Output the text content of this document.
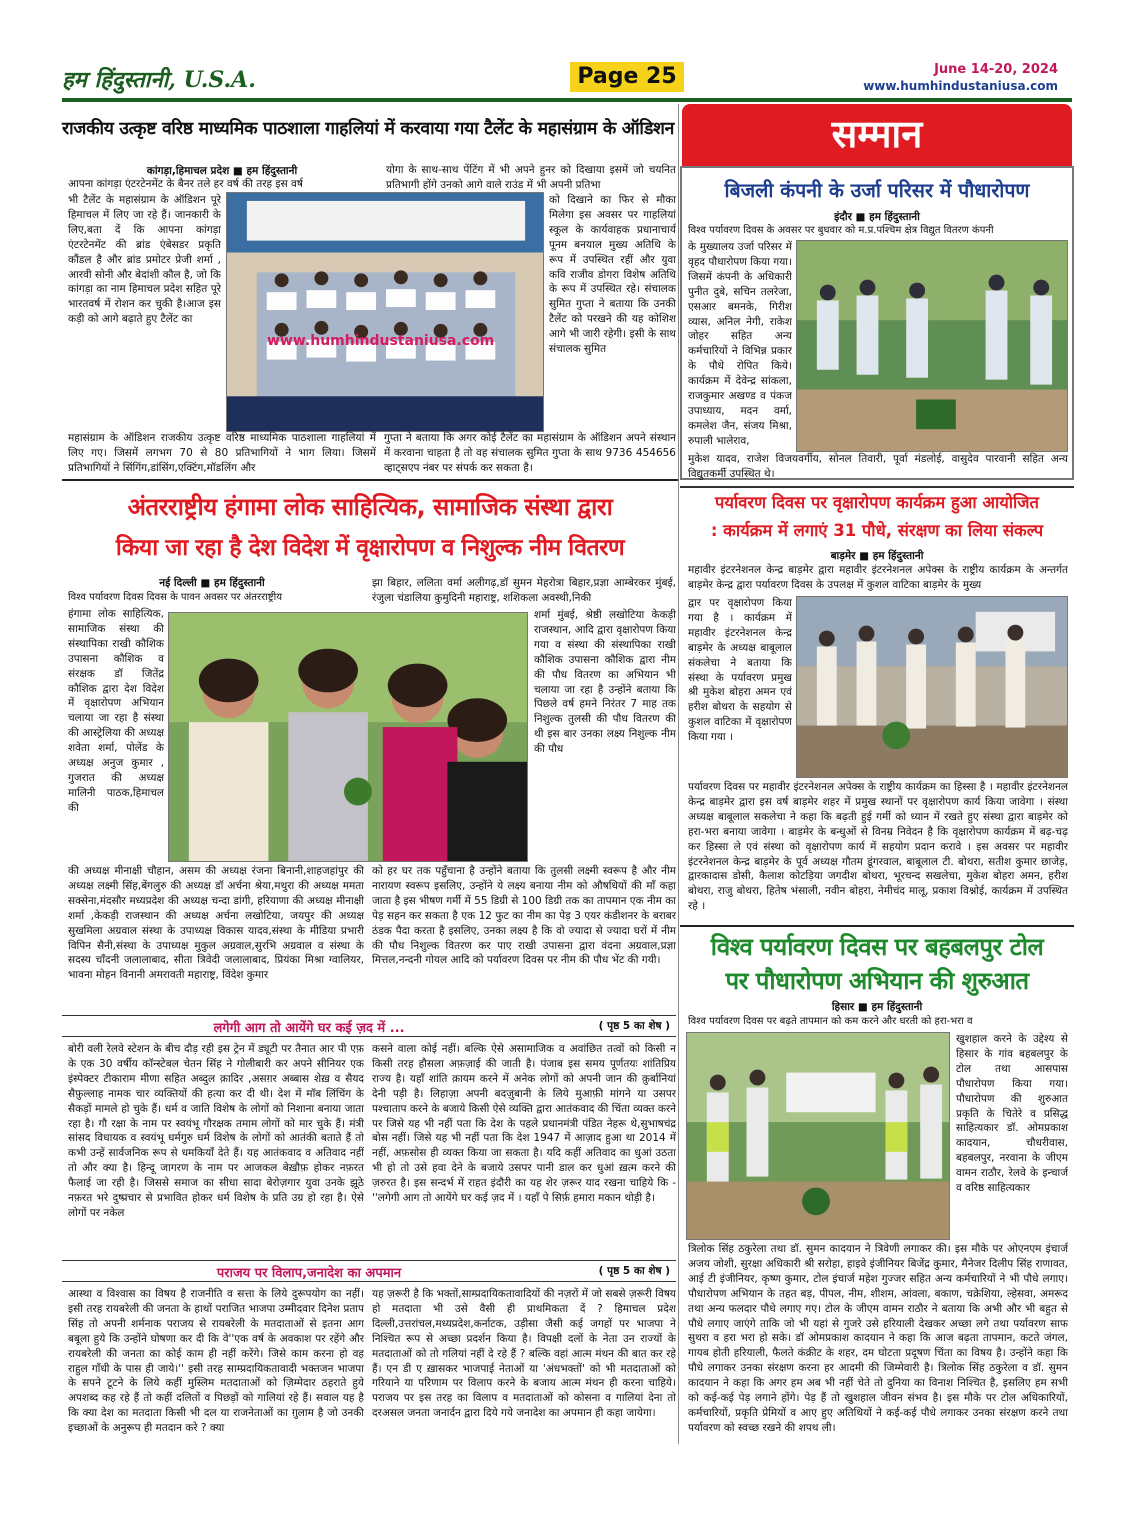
हम हिंदुस्तानी, U.S.A.	Page 25	June 14-20, 2024
www.humhindustaniusa.com
राजकीय उत्कृष्ट वरिष्ठ माध्यमिक पाठशाला गाहलियां में करवाया गया टैलेंट के महासंग्राम के ऑडिशन
कांगड़ा,हिमाचल प्रदेश ■ हम हिंदुस्तानी
आपना कांगड़ा एंटरटेनमेंट के बैनर तले हर वर्ष की तरह इस वर्ष
भी टैलेंट के महासंग्राम के ऑडिशन पूरे हिमाचल में लिए जा रहे हैं। जानकारी के लिए,बता दें कि आपना कांगड़ा एंटरटेनमेंट की ब्रांड एंबेसडर प्रकृति कौंडल है और ब्रांड प्रमोटर प्रेजी शर्मा , आरवी सोनी और बेदांशी कौल है, जो कि कांगड़ा का नाम हिमाचल प्रदेश सहित पूरे भारतवर्ष में रोशन कर चुकी है।आज इस कड़ी को आगे बढ़ाते हुए टैलेंट का
www.humhindustaniusa.com
योगा के साथ-साथ पेंटिंग में भी अपने हुनर को दिखाया इसमें जो चयनित प्रतिभागी होंगे उनको आगे वाले राउंड में भी अपनी प्रतिभा
को दिखाने का फिर से मौका मिलेगा इस अवसर पर गाहलियां स्कूल के कार्यवाहक प्रधानाचार्य पूनम बनयाल मुख्य अतिथि के रूप में उपस्थित रहीं और युवा कवि राजीव डोगरा विशेष अतिथि के रूप में उपस्थित रहे। संचालक सुमित गुप्ता ने बताया कि उनकी टैलेंट को परखने की यह कोशिश आगे भी जारी रहेगी। इसी के साथ संचालक सुमित
महासंग्राम के ऑडिशन राजकीय उत्कृष्ट वरिष्ठ माध्यमिक पाठशाला गाहलियां में लिए गए। जिसमें लगभग 70 से 80 प्रतिभागियों ने भाग लिया। जिसमें प्रतिभागियों ने सिंगिंग,डांसिंग,एक्टिंग,मॉडलिंग और
गुप्ता ने बताया कि अगर कोई टैलेंट का महासंग्राम के ऑडिशन अपने संस्थान में करवाना चाहता है तो वह संचालक सुमित गुप्ता के साथ 9736 454656 व्हाट्सएप नंबर पर संपर्क कर सकता है।
सम्मान
बिजली कंपनी के उर्जा परिसर में पौधारोपण
इंदौर ■ हम हिंदुस्तानी
विश्व पर्यावरण दिवस के अवसर पर बुधवार को म.प्र.पश्चिम क्षेत्र विद्युत वितरण कंपनी
के मुख्यालय उर्जा परिसर में वृहद पौधारोपण किया गया। जिसमें कंपनी के अधिकारी पुनीत दुबे, सचिन तलरेजा, एसआर बमनके, गिरीश व्यास, अनिल नेगी, राकेश जोहर सहित अन्य कर्मचारियों ने विभिन्न प्रकार के पौधे रोपित किये। कार्यक्रम में देवेन्द्र सांकला, राजकुमार अखण्ड व पंकज उपाध्याय, मदन वर्मा, कमलेश जैन, संजय मिश्रा, रुपाली भालेराव,
मुकेश यादव, राजेश विजयवर्गीय, सोनल तिवारी, पूर्वा मंडलोई, वासुदेव पारवानी सहित अन्य विद्युतकर्मी उपस्थित थे।
पर्यावरण दिवस पर वृक्षारोपण कार्यक्रम हुआ आयोजित
: कार्यक्रम में लगाएं 31 पौधे, संरक्षण का लिया संकल्प
बाड़मेर ■ हम हिंदुस्तानी
महावीर इंटरनेशनल केन्द्र बाड़मेर द्वारा महावीर इंटरनेशनल अपेक्स के राष्ट्रीय कार्यक्रम के अन्तर्गत बाड़मेर केन्द्र द्वारा पर्यावरण दिवस के उपलक्ष में कुशल वाटिका बाड़मेर के मुख्य
द्वार पर वृक्षारोपण किया गया है । कार्यक्रम में महावीर इंटरनेशनल केन्द्र बाड़मेर के अध्यक्ष बाबूलाल संकलेचा ने बताया कि संस्था के पर्यावरण प्रमुख श्री मुकेश बोहरा अमन एवं हरीश बोथरा के सहयोग से कुशल वाटिका में वृक्षारोपण किया गया ।
पर्यावरण दिवस पर महावीर इंटरनेशनल अपेक्स के राष्ट्रीय कार्यक्रम का हिस्सा है । महावीर इंटरनेशनल केन्द्र बाड़मेर द्वारा इस वर्ष बाड़मेर शहर में प्रमुख स्थानों पर वृक्षारोपण कार्य किया जावेगा । संस्था अध्यक्ष बाबूलाल सकलेचा ने कहा कि बढ़ती हुई गर्मी को ध्यान में रखते हुए संस्था द्वारा बाड़मेर को हरा-भरा बनाया जावेगा । बाड़मेर के बन्धुओं से विनम्र निवेदन है कि वृक्षारोपण कार्यक्रम में बढ़-चढ़ कर हिस्सा ले एवं संस्था को वृक्षारोपण कार्य में सहयोग प्रदान करावे । इस अवसर पर महावीर इंटरनेशनल केन्द्र बाड़मेर के पूर्व अध्यक्ष गौतम डूंगरवाल, बाबूलाल टी. बोथरा, सतीश कुमार छाजेड़, द्वारकादास डोसी, कैलाश कोटड़िया जगदीश बोथरा, भूरचन्द सखलेचा, मुकेश बोहरा अमन, हरीश बोथरा, राजु बोथरा, हितेष भंसाली, नवीन बोहरा, नेमीचंद मालू, प्रकाश विश्नोई, कार्यक्रम में उपस्थित रहे ।
अंतरराष्ट्रीय हंगामा लोक साहित्यिक, सामाजिक संस्था द्वारा
किया जा रहा है देश विदेश में वृक्षारोपण व निशुल्क नीम वितरण
नई दिल्ली ■ हम हिंदुस्तानी
विश्व पर्यावरण दिवस दिवस के पावन अवसर पर अंतरराष्ट्रीय
हंगामा लोक साहित्यिक, सामाजिक संस्था की संस्थापिका राखी कौशिक उपासना कौशिक व संरक्षक डॉ जितेंद्र कौशिक द्वारा देश विदेश में वृक्षारोपण अभियान चलाया जा रहा है संस्था की आस्ट्रेलिया की अध्यक्ष शवेता शर्मा, पोलेंड के अध्यक्ष अनुज कुमार , गुजरात की अध्यक्ष मालिनी पाठक,हिमाचल की
झा बिहार, ललिता वर्मा अलीगढ़,डॉ सुमन मेहरोत्रा बिहार,प्रज्ञा आम्बेरकर मुंबई, रंजुला चंडालिया कुमुदिनी महाराष्ट्र, शशिकला अवस्थी,निकी
शर्मा मुंबई, श्रेष्ठी लखोटिया केकड़ी राजस्थान, आदि द्वारा वृक्षारोपण किया गया व संस्था की संस्थापिका राखी कौशिक उपासना कौशिक द्वारा नीम की पौध वितरण का अभियान भी चलाया जा रहा है उन्होंने बताया कि पिछले वर्ष हमने निरंतर 7 माह तक निशुल्क तुलसी की पौध वितरण की थी इस बार उनका लक्ष्य निशुल्क नीम की पौध
की अध्यक्ष मीनाक्षी चौहान, असम की अध्यक्ष रंजना बिनानी,शाहजहांपुर की अध्यक्ष लक्ष्मी सिंह,बेंगलुरु की अध्यक्ष डॉ अर्चना श्रेया,मथुरा की अध्यक्ष ममता सक्सेना,मंदसौर मध्यप्रदेश की अध्यक्ष चन्दा डांगी, हरियाणा की अध्यक्ष मीनाक्षी शर्मा ,केकड़ी राजस्थान की अध्यक्ष अर्चना लखोटिया, जयपुर की अध्यक्ष सुखमिला अग्रवाल संस्था के उपाध्यक्ष विकास यादव,संस्था के मीडिया प्रभारी विपिन सैनी,संस्था के उपाध्यक्ष मुकुल अग्रवाल,सुरभि अग्रवाल व संस्था के सदस्य चाँदनी जलालाबाद, सीता त्रिवेदी जलालाबाद, प्रियंका मिश्रा ग्वालियर, भावना मोहन विनानी अमरावती महाराष्ट्र, विंदेश कुमार
को हर घर तक पहुँचाना है उन्होंने बताया कि तुलसी लक्ष्मी स्वरूप है और नीम नारायण स्वरूप इसलिए, उन्होंने ये लक्ष्य बनाया नीम को औषधियों की माँ कहा जाता है इस भीषण गर्मी में 55 डिग्री से 100 डिग्री तक का तापमान एक नीम का पेड़ सहन कर सकता है एक 12 फुट का नीम का पेड़ 3 एयर कंडीशनर के बराबर ठंडक पैदा करता है इसलिए, उनका लक्ष्य है कि वो ज्यादा से ज्यादा घरों में नीम की पौध निशुल्क वितरण कर पाए राखी उपासना द्वारा वंदना अग्रवाल,प्रज्ञा मित्तल,नन्दनी गोयल आदि को पर्यावरण दिवस पर नीम की पौध भेंट की गयी।	विश्व पर्यावरण दिवस पर बहबलपुर टोल
पर पौधारोपण अभियान की शुरुआत
हिसार ■ हम हिंदुस्तानी
विश्व पर्यावरण दिवस पर बढ़ते तापमान को कम करने और धरती को हरा-भरा व
खुशहाल करने के उद्देश्य से हिसार के गांव बहबलपुर के टोल तथा आसपास पौधारोपण किया गया। पौधारोपण की शुरुआत प्रकृति के चितेरे व प्रसिद्ध साहित्यकार डॉ. ओमप्रकाश कादयान, चौधरीवास, बहबलपुर, नरवाना के जीएम वामन राठौर, रेलवे के इन्चार्ज व वरिष्ठ साहित्यकार
त्रिलोक सिंह ठकुरेला तथा डॉ. सुमन कादयान ने त्रिवेणी लगाकर की। इस मौके पर ओएनएम इंचार्ज अजय जोशी, सुरक्षा अधिकारी श्री सरोहा, हाइवे इंजीनियर बिजेंद्र कुमार, मैनेजर दिलीप सिंह राणावत, आई टी इंजीनियर, कृष्ण कुमार, टोल इंचार्ज महेश गुज्जर सहित अन्य कर्मचारियों ने भी पौधे लगाए। पौधारोपण अभियान के तहत बड़, पीपल, नीम, शीशम, आंवला, बकाण, चक्रेशिया, ल्हेसवा, अमरूद तथा अन्य फलदार पौधे लगाए गए। टोल के जीएम वामन राठौर ने बताया कि अभी और भी बहुत से पौधे लगाए जाएंगे ताकि जो भी यहां से गुजरे उसे हरियाली देखकर अच्छा लगे तथा पर्यावरण साफ सुथरा व हरा भरा हो सके। डॉ ओमप्रकाश कादयान ने कहा कि आज बढ़ता तापमान, कटते जंगल, गायब होती हरियाली, फैलते कंक्रीट के शहर, दम घोटता प्रदूषण चिंता का विषय है। उन्होंने कहा कि पौधे लगाकर उनका संरक्षण करना हर आदमी की जिम्मेवारी है। त्रिलोक सिंह ठकुरेला व डॉ. सुमन कादयान ने कहा कि अगर हम अब भी नहीं चेते तो दुनिया का विनाश निश्चित है, इसलिए हम सभी को कई-कई पेड़ लगाने होंगे। पेड़ हैं तो खुशहाल जीवन संभव है। इस मौके पर टोल अधिकारियों, कर्मचारियों, प्रकृति प्रेमियों व आए हुए अतिथियों ने कई-कई पौधे लगाकर उनका संरक्षण करने तथा पर्यावरण को स्वच्छ रखने की शपथ ली।
लगेगी आग तो आयेंगे घर कई ज़द में ...	( पृष्ठ 5 का शेष )
बोरी वली रेलवे स्टेशन के बीच दौड़ रही इस ट्रेन में ड्यूटी पर तैनात आर पी एफ़ के एक 30 वर्षीय कॉन्स्टेबल चेतन सिंह ने गोलीबारी कर अपने सीनियर एक इंस्पेक्टर टीकाराम मीणा सहित अब्दुल क़ादिर ,असग़र अब्बास शेख़ व सैयद सैफ़ुल्लाह नामक चार व्यक्तियों की हत्या कर दी थी। देश में मॉब लिंचिंग के सैकड़ों मामले हो चुके हैं। धर्म व जाति विशेष के लोगों को निशाना बनाया जाता रहा है। गौ रक्षा के नाम पर स्वयंभू गौरक्षक तमाम लोगों को मार चुके हैं। मंत्री सांसद विधायक व स्वयंभू धर्मगुरु धर्म विशेष के लोगों को आतंकी बताते हैं तो कभी उन्हें सार्वजनिक रूप से धमकियाँ देते हैं। यह आतंकवाद व अतिवाद नहीं तो और क्या है। हिन्दू जागरण के नाम पर आजकल बेख़ौफ़ होकर नफ़रत फैलाई जा रही है। जिससे समाज का सीधा सादा बेरोज़गार युवा उनके झूठे नफ़रत भरे दुष्प्रचार से प्रभावित होकर धर्म विशेष के प्रति उग्र हो रहा है। ऐसे लोगों पर नकेल
कसने वाला कोई नहीं। बल्कि ऐसे असामाजिक व अवांछित तत्वों को किसी न किसी तरह हौसला अफ़ज़ाई की जाती है। पंजाब इस समय पूर्णतयः शांतिप्रिय राज्य है। यहाँ शांति क़ायम करने में अनेक लोगों को अपनी जान की क़ुर्बानियां देनी पड़ी है। लिहाज़ा अपनी बदज़ुबानी के लिये मुआफ़ी मांगने या उसपर पश्चाताप करने के बजाये किसी ऐसे व्यक्ति द्वारा आतंकवाद की चिंता व्यक्त करने पर जिसे यह भी नहीं पता कि देश के पहले प्रधानमंत्री पंडित नेहरू थे,सुभाषचंद्र बोस नहीं। जिसे यह भी नहीं पता कि देश 1947 में आज़ाद हुआ था 2014 में नहीं, अफ़सोस ही व्यक्त किया जा सकता है। यदि कहीं अतिवाद का धुआं उठता भी हो तो उसे हवा देने के बजाये उसपर पानी डाल कर धुआं ख़त्म करने की ज़रुरत है। इस सन्दर्भ में राहत इंदौरी का यह शेर ज़रूर याद रखना चाहिये कि -''लगेगी आग तो आयेंगे घर कई ज़द में । यहाँ पे सिर्फ़ हमारा मकान थोड़ी है।
पराजय पर विलाप,जनादेश का अपमान	( पृष्ठ 5 का शेष )
आस्था व विश्वास का विषय है राजनीति व सत्ता के लिये दुरूपयोग का नहीं। इसी तरह रायबरेली की जनता के हाथों पराजित भाजपा उम्मीदवार दिनेश प्रताप सिंह तो अपनी शर्मनाक पराजय से रायबरेली के मतदाताओं से इतना आग बबूला हुये कि उन्होंने घोषणा कर दी कि वे''एक वर्ष के अवकाश पर रहेंगे और रायबरेली की जनता का कोई काम ही नहीं करेंगे। जिसे काम करना हो वह राहुल गाँधी के पास ही जाये।'' इसी तरह साम्प्रदायिकतावादी भक्तजन भाजपा के सपने टूटने के लिये कहीं मुस्लिम मतदाताओं को ज़िम्मेदार ठहराते हुये अपशब्द कह रहे हैं तो कहीं दलितों व पिछड़ों को गालियां रहे हैं। सवाल यह है कि क्या देश का मतदाता किसी भी दल या राजनेताओं का ग़ुलाम है जो उनकी इच्छाओं के अनुरूप ही मतदान करे ? क्या
यह ज़रूरी है कि भक्तों,साम्प्रदायिकतावादियों की नज़रों में जो सबसे ज़रूरी विषय हो मतदाता भी उसे वैसी ही प्राथमिकता दें ? हिमाचल प्रदेश दिल्ली,उत्तरांचल,मध्यप्रदेश,कर्नाटक, उड़ीसा जैसी कई जगहों पर भाजपा ने निश्चित रूप से अच्छा प्रदर्शन किया है। विपक्षी दलों के नेता उन राज्यों के मतदाताओं को तो गलियां नहीं दे रहे हैं ? बल्कि वहां आत्म मंथन की बात कर रहे हैं। एन डी ए ख़ासकर भाजपाई नेताओं या 'अंधभक्तों' को भी मतदाताओं को गरियाने या परिणाम पर विलाप करने के बजाय आत्म मंथन ही करना चाहिये। पराजय पर इस तरह का विलाप व मतदाताओं को कोसना व गालियां देना तो दरअसल जनता जनार्दन द्वारा दिये गये जनादेश का अपमान ही कहा जायेगा।
